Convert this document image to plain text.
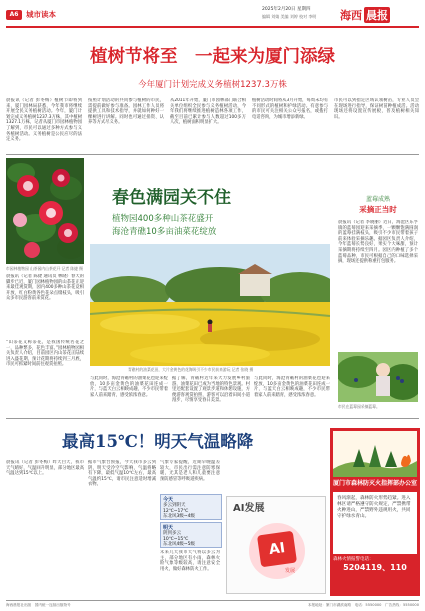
A6	城市读本
2025年2月20日 星期四
编辑 刘婧 美编 刘婷 校对 李明 海西 晨报
植树节将至　一起来为厦门添绿
今年厦门计划完成义务植树1237.3万株
晨报讯（记者 彭冬梅）植树节即将到来，厦门园林局获悉，今年我市将继续开展全民义务植树活动。今年，厦门计划完成义务植树1237.3万株，其中植树1327.1万株，记者从厦门市园林植物园了解到，市民可以通过多种方式参与义务植树活动。义务植树是公民应尽的法定义务。
按照计划活动的共同参与植树的市民，需提前做好参与准备。园林工作人员将提供工具和技术指导，并就如何种好一棵树进行讲解。同时也可通过捐资、认养等方式尽义务。
从2011年开始，厦门市园林部门联合相关单位组织全民参与义务植树活动，今年我们将继续推进植树造林各项工作，截至目前已累计参与人数超过100多万人次，植树面积明显扩大。
植树活动时间将从3月开始，每周末均有不同形式的植树和护绿活动。有意参与的市民可关注相关公众号报名，或拨打电话咨询，为城市增添新绿。
市民可以到指定区域认领树苗，专业人员会在现场进行指导，保证树苗种植成活。活动现场还将设置宣传展板，普及植树相关知识。
市园林植物园 山茶园内山茶花开 记者 陈捷 摄
春色满园关不住
植物园400多种山茶花盛开
海沧青礁10多亩油菜花绽放
青礁村的油菜花田，大片金黄色的花海吸引不少市民前来游玩 记者 张晓 摄
晨报讯（记者 陈捷 通讯员 林晓）春天的脚步已近，厦门园林植物园的山茶花正迎来最佳观赏期，园内400多种山茶花竞相开放，红白粉黄各色花朵点缀枝头，吸引众多市民游客前来赏花。
“山茶花又称茶花，是我国传统名花之一，品种繁多，花色丰富。”园林植物园相关负责人介绍，目前园区内山茶花正陆续进入盛花期，预计花期将持续到三月底，市民可抓紧时间前往观赏拍照。
与此同时，海沧青礁村的油菜花也迎来绽放，10多亩金黄色的油菜花田连成一片，与蓝天白云相映成趣，不少市民带着家人前来踏青，感受浓浓春意。
据了解，青礁村近年来大力发展乡村旅游，油菜花田已成为当地的特色景观。村里还配套设置了观景步道和休憩设施，方便游客观赏拍照，游客可以沿着田间小道漫步，尽情享受春日美景。
与此同时，海沧青礁村的油菜花也迎来绽放，10多亩金黄色的油菜花田连成一片，与蓝天白云相映成趣，不少市民带着家人前来踏青，感受浓浓春意。
蓝莓成熟
采摘正当时
晨报讯（记者 李晓丽）近日，海沧区东孚镇的蓝莓园迎来采摘季，一颗颗饱满圆润的蓝莓挂满枝头，吸引不少市民带着孩子前来体验采摘乐趣。据园区负责人介绍，今年蓝莓长势良好，果实个大味甜，预计采摘期将持续至四月。园区内种植了多个蓝莓品种，市民可根据自己的口味选择采摘，现场还提供称重打包服务。
市民在蓝莓园采摘蓝莓。
最高15℃！明天气温略降
晨报讯（记者 彭冬梅）昨天白天，我市天气晴好，气温回升明显，部分地区最高气温达到15℃以上。
据市气象台预报，今天我市多云到阴，明天受冷空气影响，气温将略有下降，最低气温10℃左右，最高气温约15℃，请市民注意适时增减衣物。
气象专家提醒，近期早晚温差较大，市民出行需注意防寒保暖，尤其是老人和儿童要注意预防感冒等呼吸道疾病。
未来几天我市天气将以多云为主，部分地区有小雨，森林火险气象等级较高，请注意安全用火，做好森林防火工作。
今天
多云到阴天
12℃~17℃
东北风3级~4级
明天
阴到多云
10℃~15℃
东北风4级~5级
AI发展
AI
发展
厦门市森林防灭火指挥部办公室
春风渐起，森林防火形势趋紧。进入林区请严格遵守防火规定，严禁携带火种进山，严禁野外违规用火，共同守护绿水青山。
森林火情报警电话：
5204119、110
海西晨报社出版　国内统一连续出版物号	本报地址：厦门市湖滨南路　电话：5550000　广告热线：5550000
